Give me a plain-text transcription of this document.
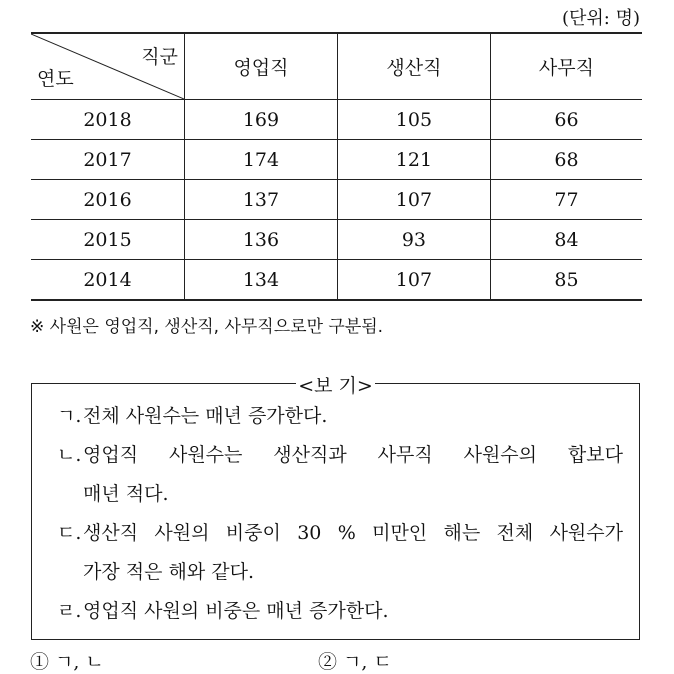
(단위: 명)
직군
연도	영업직	생산직	사무직
2018	169	105	66
2017	174	121	68
2016	137	107	77
2015	136	93	84
2014	134	107	85
※ 사원은 영업직, 생산직, 사무직으로만 구분됨.
<보 기>
ㄱ. 전체 사원수는 매년 증가한다.
ㄴ. 영업직 사원수는 생산직과 사무직 사원수의 합보다
매년 적다.
ㄷ. 생산직 사원의 비중이 30 % 미만인 해는 전체 사원수가
가장 적은 해와 같다.
ㄹ. 영업직 사원의 비중은 매년 증가한다.
① ㄱ, ㄴ	② ㄱ, ㄷ
